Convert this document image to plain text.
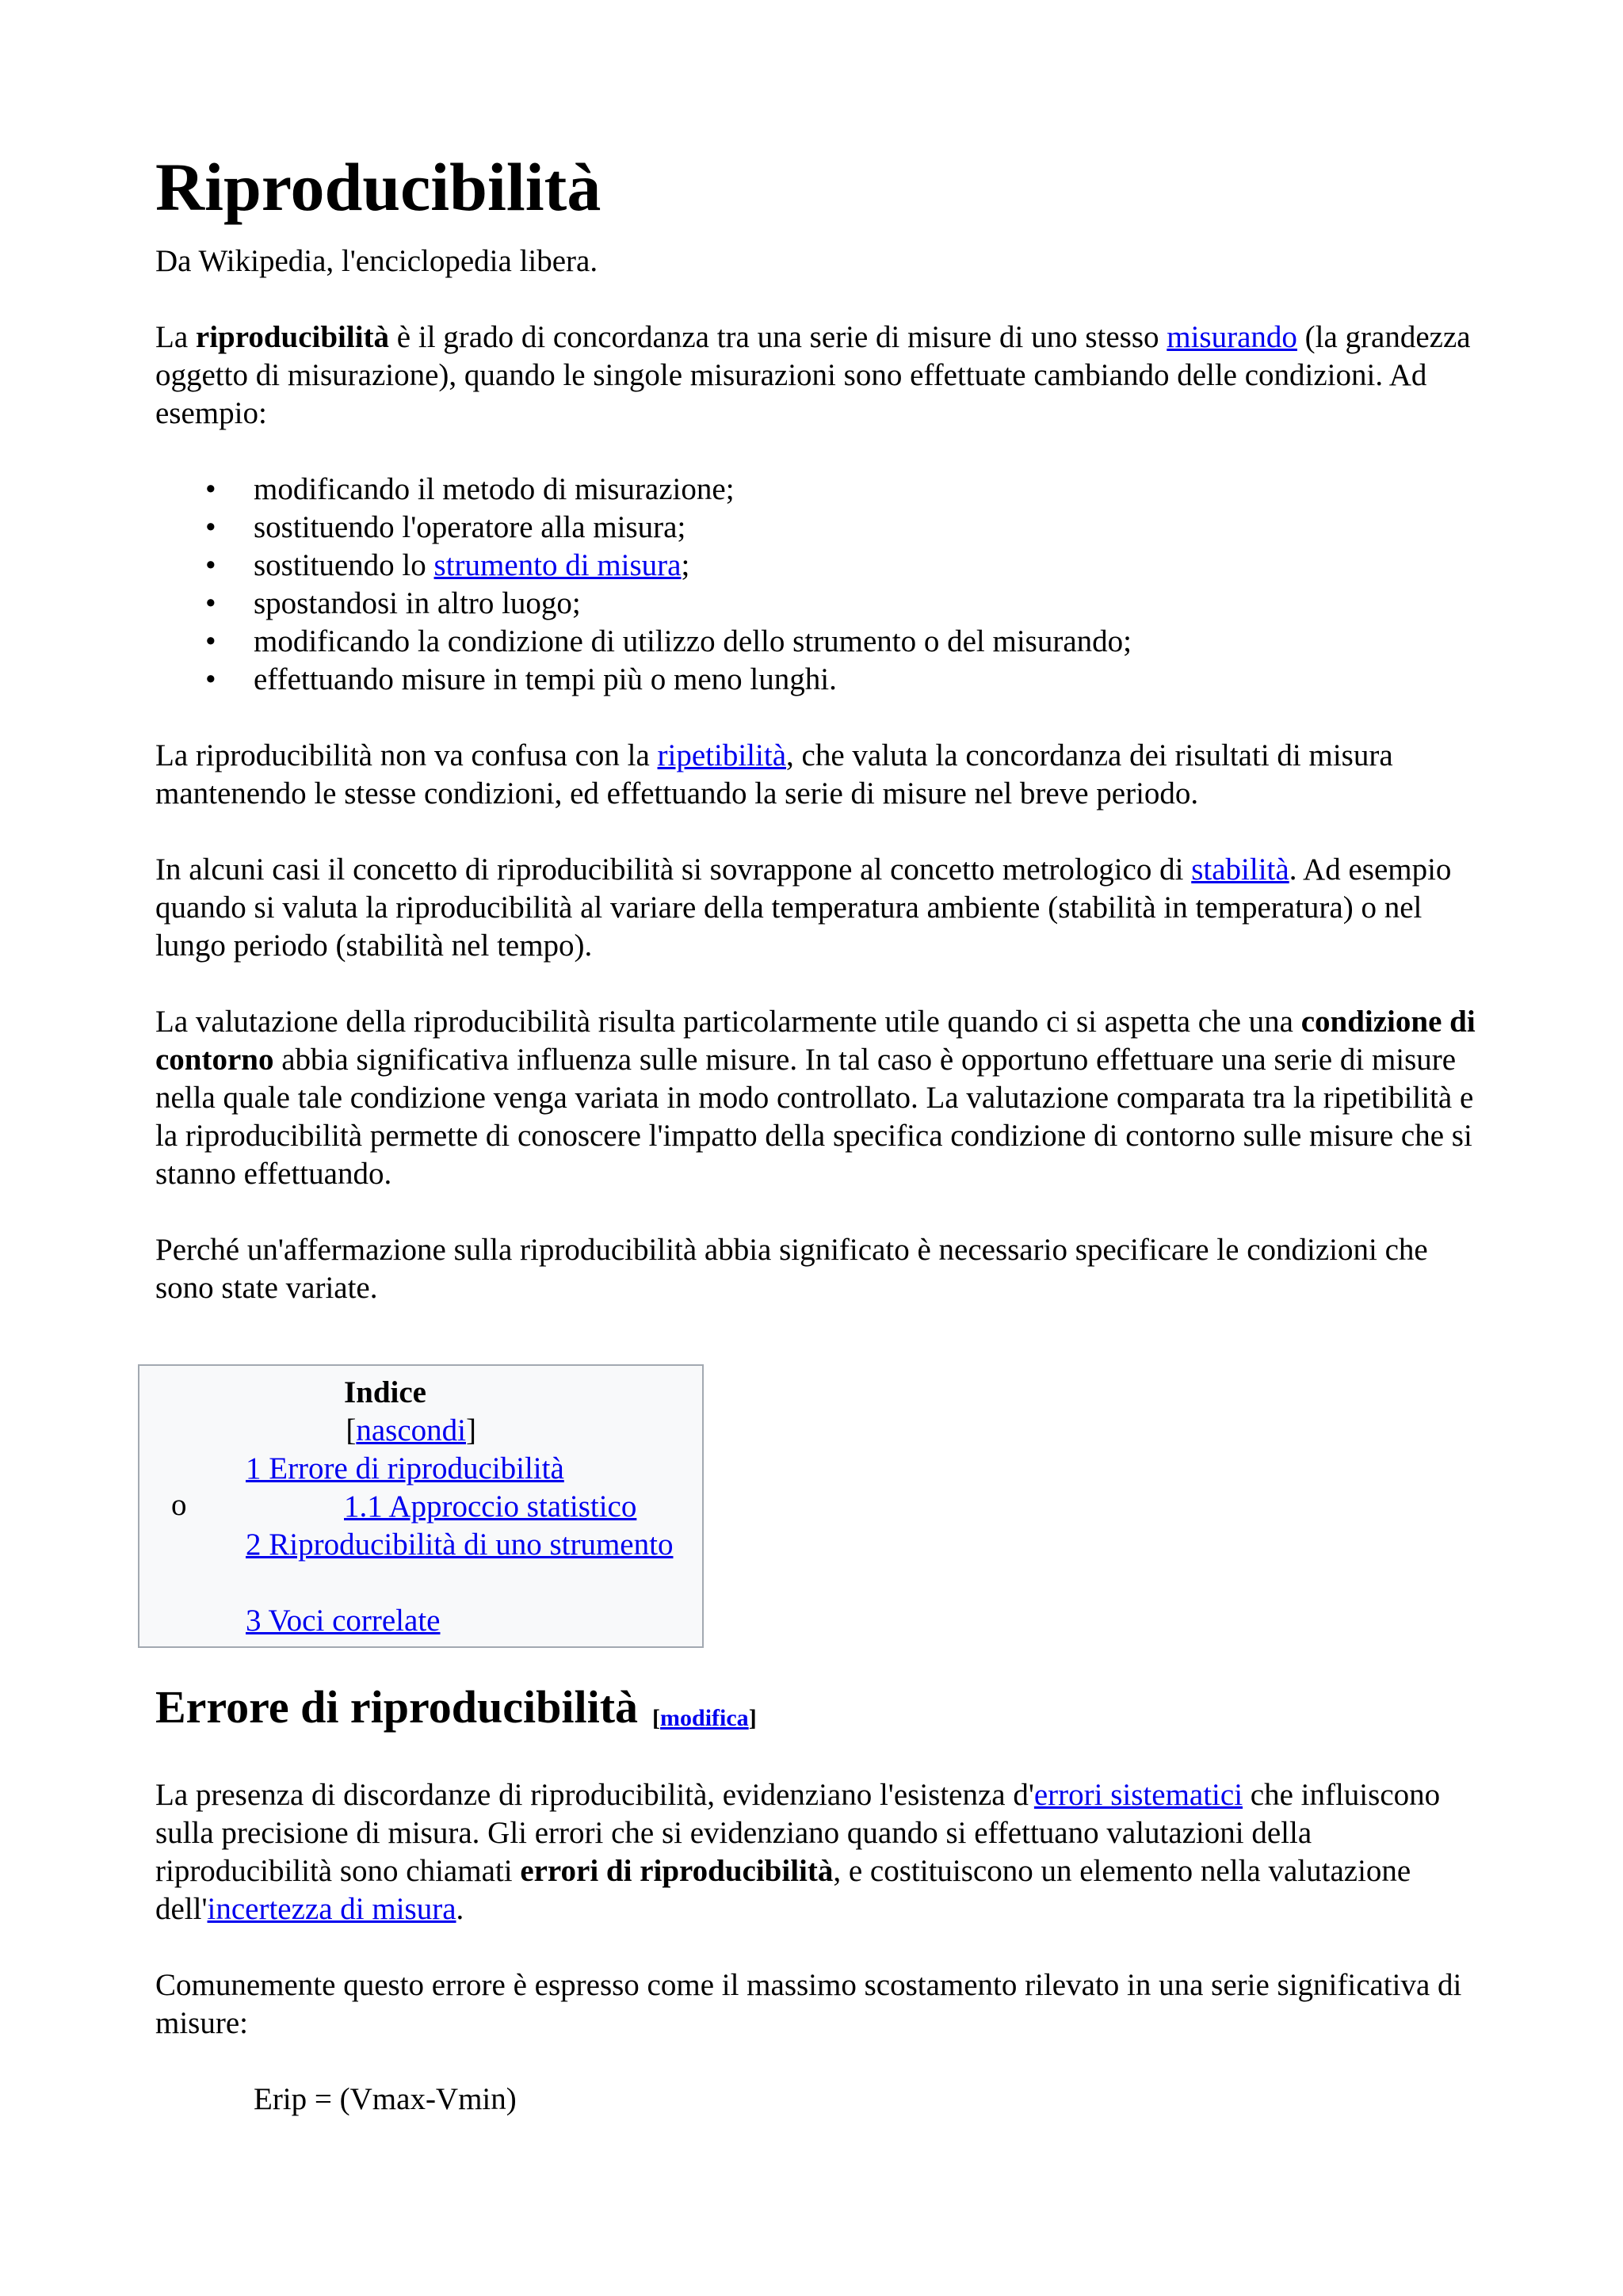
Riproducibilità

Da Wikipedia, l'enciclopedia libera.

La riproducibilità è il grado di concordanza tra una serie di misure di uno stesso misurando (la grandezza oggetto di misurazione), quando le singole misurazioni sono effettuate cambiando delle condizioni. Ad esempio:

• modificando il metodo di misurazione;
• sostituendo l'operatore alla misura;
• sostituendo lo strumento di misura;
• spostandosi in altro luogo;
• modificando la condizione di utilizzo dello strumento o del misurando;
• effettuando misure in tempi più o meno lunghi.

La riproducibilità non va confusa con la ripetibilità, che valuta la concordanza dei risultati di misura mantenendo le stesse condizioni, ed effettuando la serie di misure nel breve periodo.

In alcuni casi il concetto di riproducibilità si sovrappone al concetto metrologico di stabilità. Ad esempio quando si valuta la riproducibilità al variare della temperatura ambiente (stabilità in temperatura) o nel lungo periodo (stabilità nel tempo).

La valutazione della riproducibilità risulta particolarmente utile quando ci si aspetta che una condizione di contorno abbia significativa influenza sulle misure. In tal caso è opportuno effettuare una serie di misure nella quale tale condizione venga variata in modo controllato. La valutazione comparata tra la ripetibilità e la riproducibilità permette di conoscere l'impatto della specifica condizione di contorno sulle misure che si stanno effettuando.

Perché un'affermazione sulla riproducibilità abbia significato è necessario specificare le condizioni che sono state variate.

Indice
[nascondi]
o
1 Errore di riproducibilità
1.1 Approccio statistico
2 Riproducibilità di uno strumento
3 Voci correlate
Errore di riproducibilità [modifica]

La presenza di discordanze di riproducibilità, evidenziano l'esistenza d'errori sistematici che influiscono sulla precisione di misura. Gli errori che si evidenziano quando si effettuano valutazioni della riproducibilità sono chiamati errori di riproducibilità, e costituiscono un elemento nella valutazione dell'incertezza di misura.

Comunemente questo errore è espresso come il massimo scostamento rilevato in una serie significativa di misure:

Erip = (Vmax-Vmin)
